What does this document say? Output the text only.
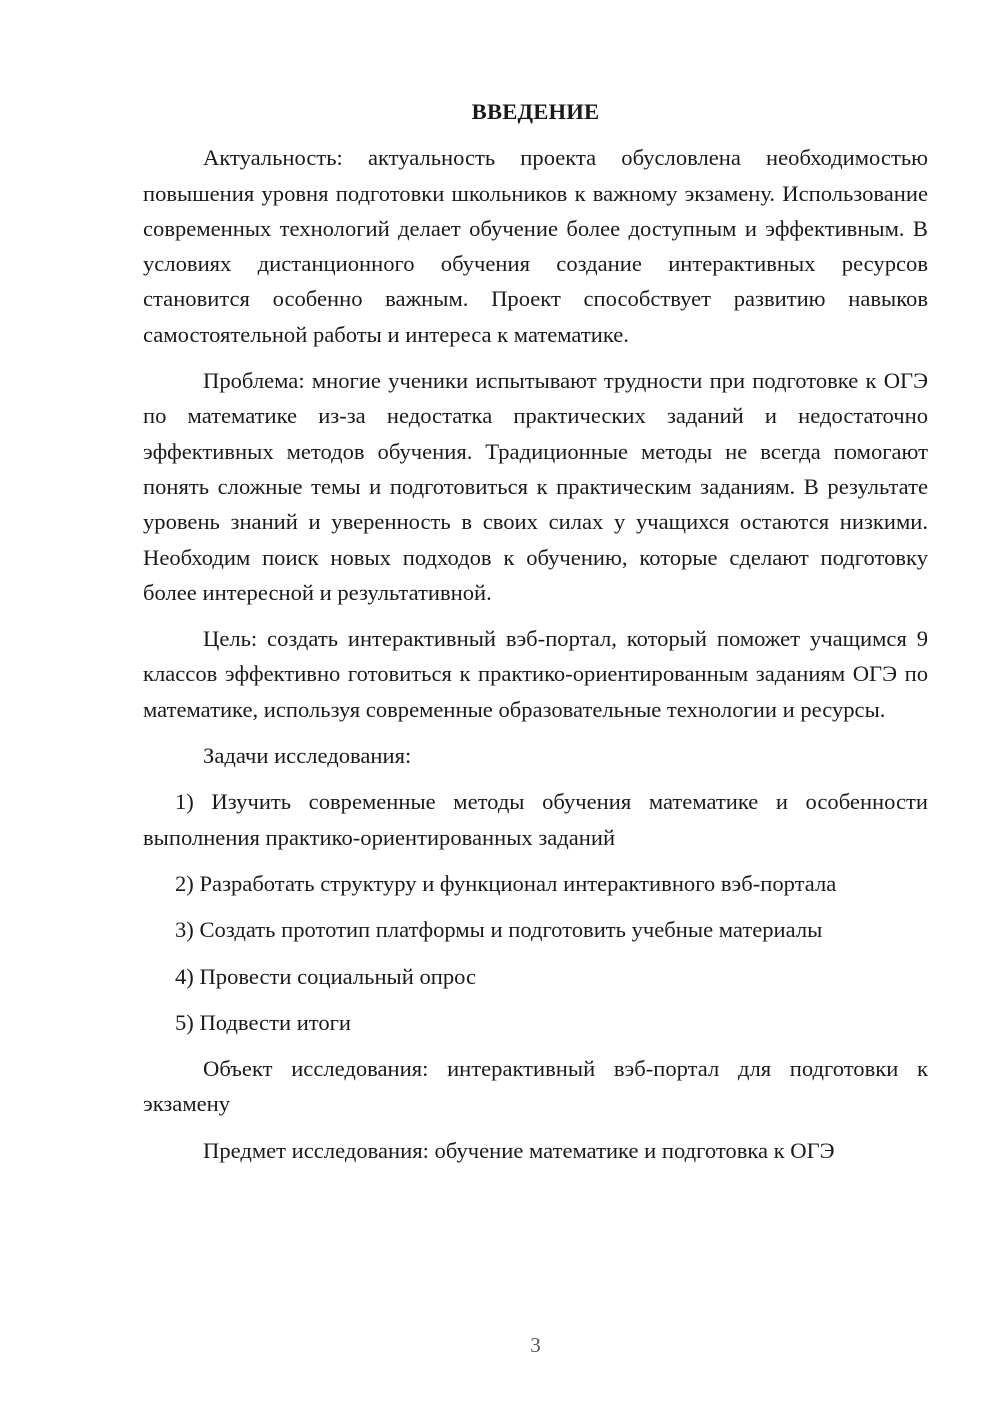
ВВЕДЕНИЕ

Актуальность: актуальность проекта обусловлена необходимостью повышения уровня подготовки школьников к важному экзамену. Использование современных технологий делает обучение более доступным и эффективным. В условиях дистанционного обучения создание интерактивных ресурсов становится особенно важным. Проект способствует развитию навыков самостоятельной работы и интереса к математике.

Проблема: многие ученики испытывают трудности при подготовке к ОГЭ по математике из-за недостатка практических заданий и недостаточно эффективных методов обучения. Традиционные методы не всегда помогают понять сложные темы и подготовиться к практическим заданиям. В результате уровень знаний и уверенность в своих силах у учащихся остаются низкими. Необходим поиск новых подходов к обучению, которые сделают подготовку более интересной и результативной.

Цель: создать интерактивный вэб-портал, который поможет учащимся 9 классов эффективно готовиться к практико-ориентированным заданиям ОГЭ по математике, используя современные образовательные технологии и ресурсы.

Задачи исследования:

1) Изучить современные методы обучения математике и особенности выполнения практико-ориентированных заданий

2) Разработать структуру и функционал интерактивного вэб-портала

3) Создать прототип платформы и подготовить учебные материалы

4) Провести социальный опрос

5) Подвести итоги

Объект исследования: интерактивный вэб-портал для подготовки к экзамену

Предмет исследования: обучение математике и подготовка к ОГЭ

3
